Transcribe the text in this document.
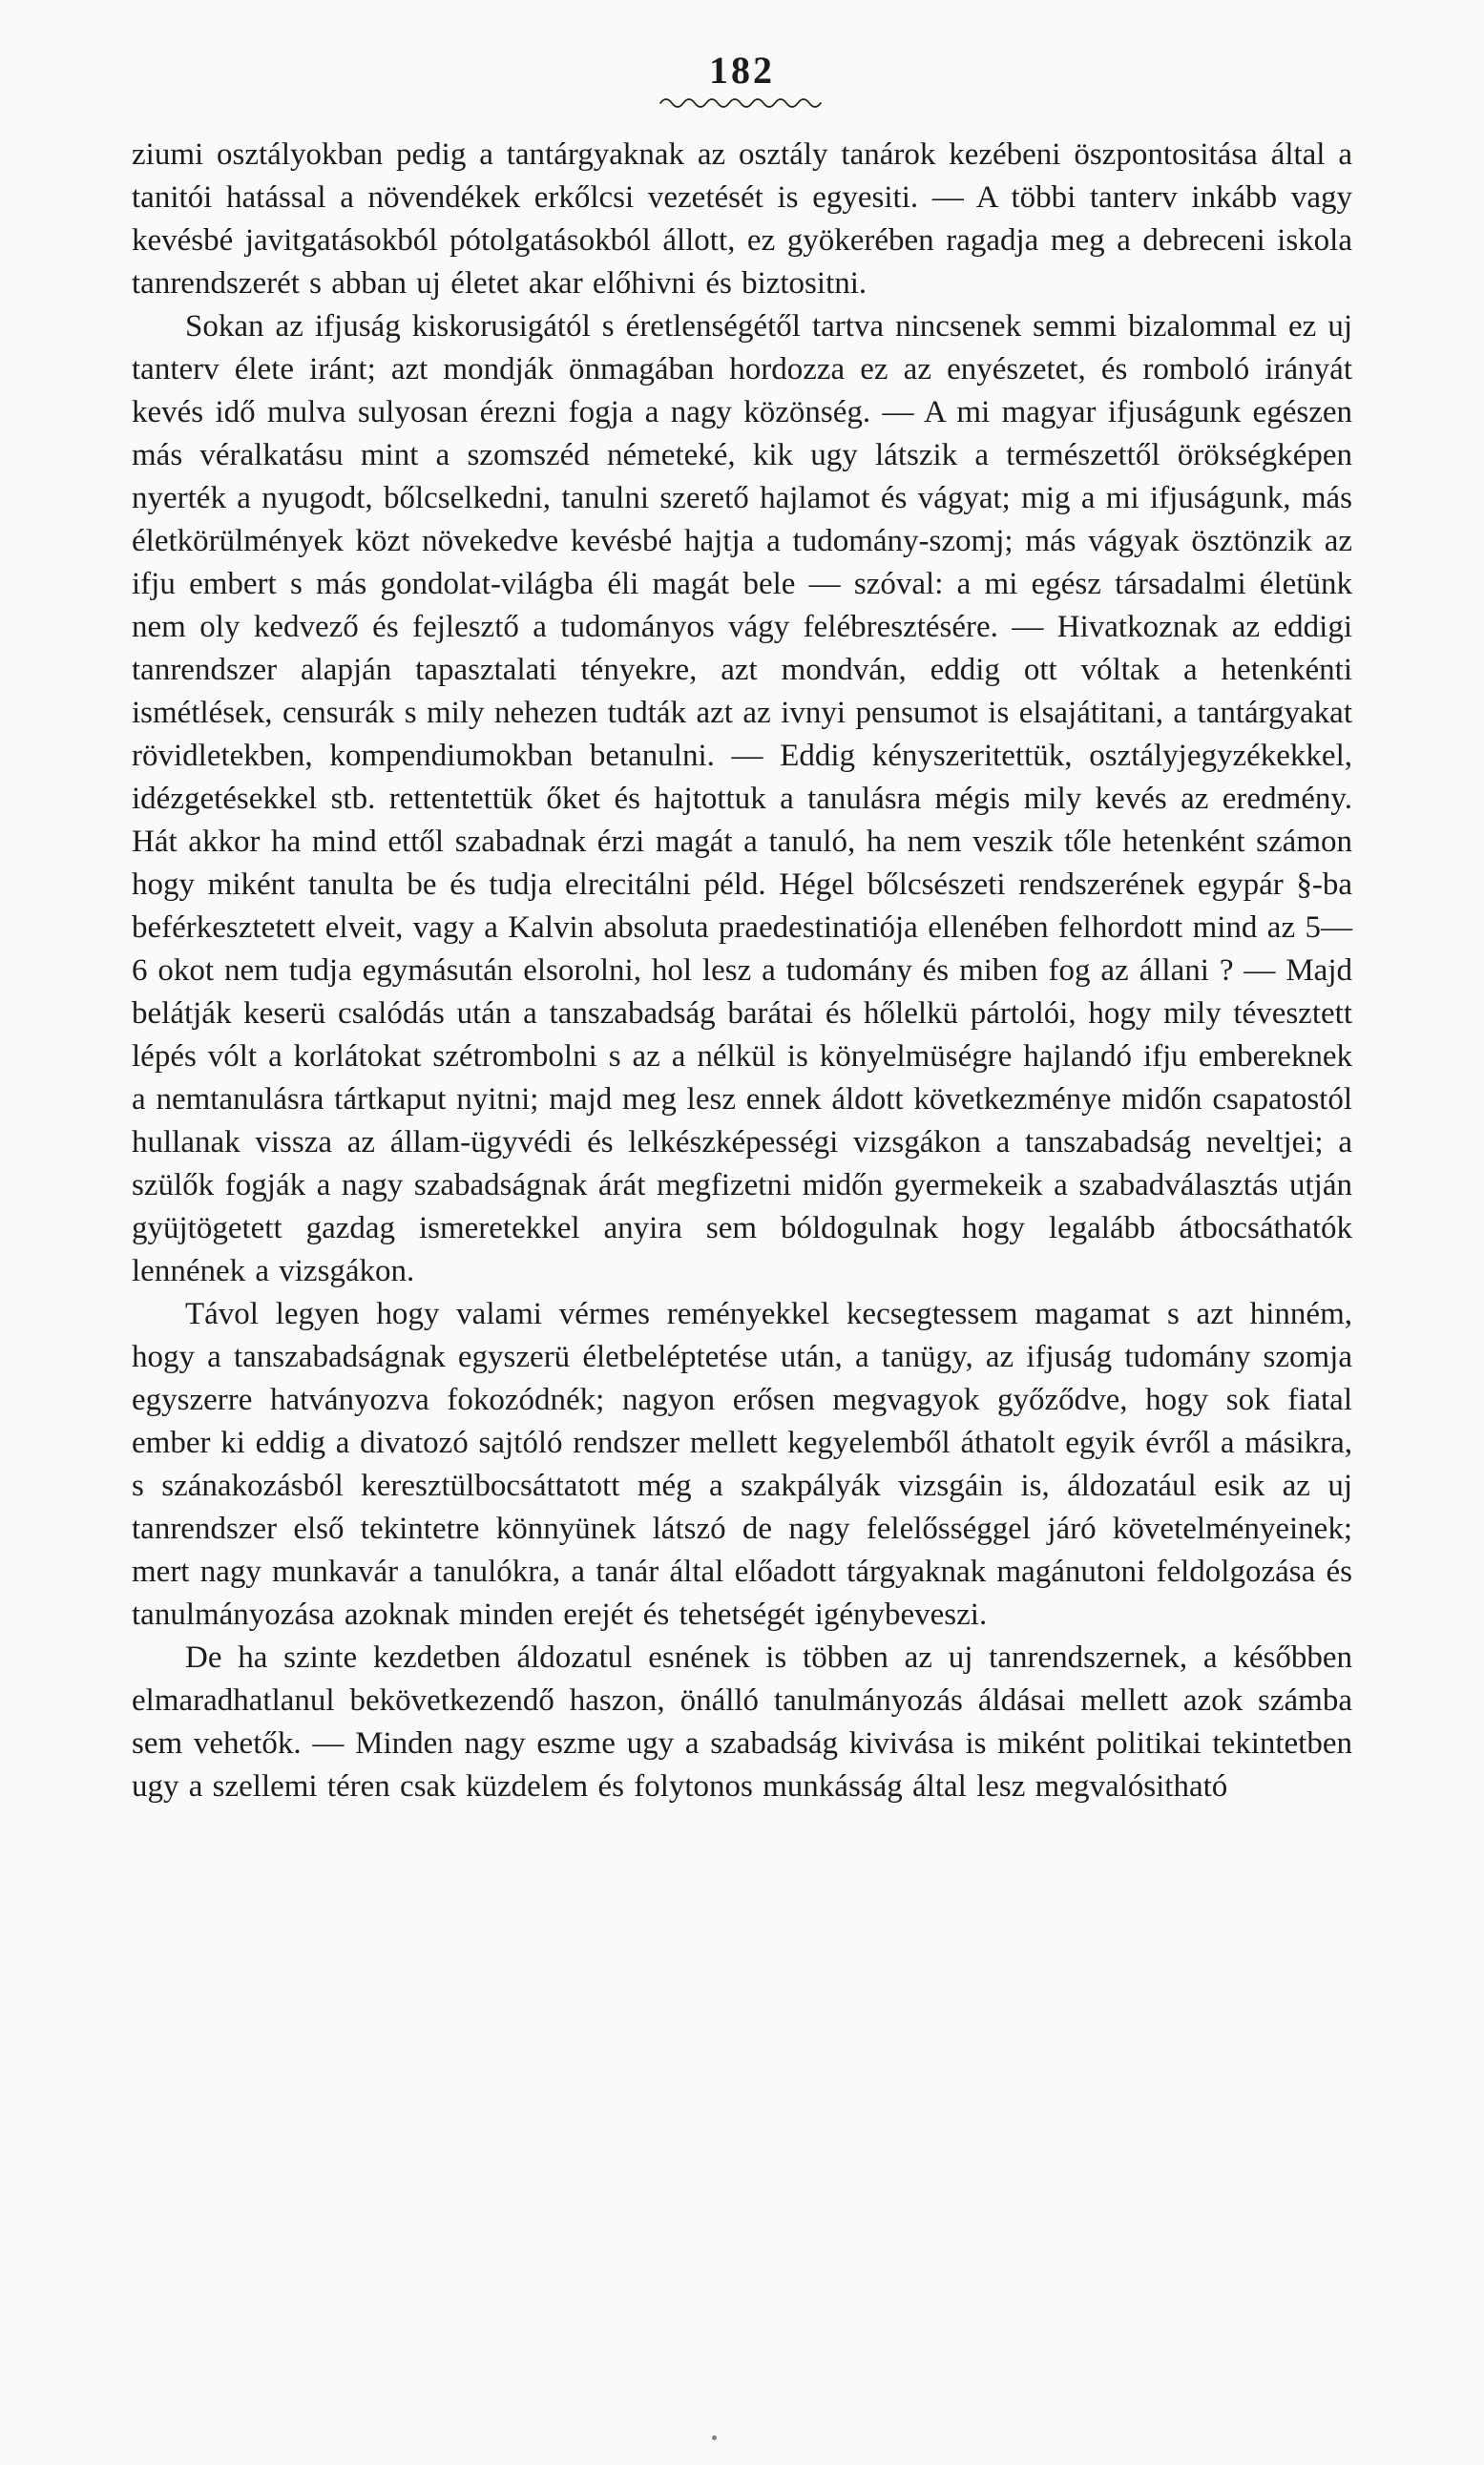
182

ziumi osztályokban pedig a tantárgyaknak az osztály tanárok kezébeni öszpontositása által a tanitói hatással a növendékek erkőlcsi vezetését is egyesiti. — A többi tanterv inkább vagy kevésbé javitgatásokból pótolgatásokból állott, ez gyökerében ragadja meg a debreceni iskola tanrendszerét s abban uj életet akar előhivni és biztositni.

Sokan az ifjuság kiskorusigától s éretlenségétől tartva nincsenek semmi bizalommal ez uj tanterv élete iránt; azt mondják önmagában hordozza ez az enyészetet, és romboló irányát kevés idő mulva sulyosan érezni fogja a nagy közönség. — A mi magyar ifjuságunk egészen más véralkatásu mint a szomszéd németeké, kik ugy látszik a természettől örökségképen nyerték a nyugodt, bőlcselkedni, tanulni szerető hajlamot és vágyat; mig a mi ifjuságunk, más életkörülmények közt növekedve kevésbé hajtja a tudomány-szomj; más vágyak ösztönzik az ifju embert s más gondolat-világba éli magát bele — szóval: a mi egész társadalmi életünk nem oly kedvező és fejlesztő a tudományos vágy felébresztésére. — Hivatkoznak az eddigi tanrendszer alapján tapasztalati tényekre, azt mondván, eddig ott vóltak a hetenkénti ismétlések, censurák s mily nehezen tudták azt az ivnyi pensumot is elsajátitani, a tantárgyakat rövidletekben, kompendiumokban betanulni. — Eddig kényszeritettük, osztályjegyzékekkel, idézgetésekkel stb. rettentettük őket és hajtottuk a tanulásra mégis mily kevés az eredmény. Hát akkor ha mind ettől szabadnak érzi magát a tanuló, ha nem veszik tőle hetenként számon hogy miként tanulta be és tudja elrecitálni péld. Hégel bőlcsészeti rendszerének egypár §-ba beférkesztetett elveit, vagy a Kalvin absoluta praedestinatiója ellenében felhordott mind az 5—6 okot nem tudja egymásután elsorolni, hol lesz a tudomány és miben fog az állani ? — Majd belátják keserü csalódás után a tanszabadság barátai és hőlelkü pártolói, hogy mily tévesztett lépés vólt a korlátokat szétrombolni s az a nélkül is könyelmüségre hajlandó ifju embereknek a nemtanulásra tártkaput nyitni; majd meg lesz ennek áldott következménye midőn csapatostól hullanak vissza az állam-ügyvédi és lelkészképességi vizsgákon a tanszabadság neveltjei; a szülők fogják a nagy szabadságnak árát megfizetni midőn gyermekeik a szabadválasztás utján gyüjtögetett gazdag ismeretekkel anyira sem bóldogulnak hogy legalább átbocsáthatók lennének a vizsgákon.

Távol legyen hogy valami vérmes reményekkel kecsegtessem magamat s azt hinném, hogy a tanszabadságnak egyszerü életbeléptetése után, a tanügy, az ifjuság tudomány szomja egyszerre hatványozva fokozódnék; nagyon erősen megvagyok győződve, hogy sok fiatal ember ki eddig a divatozó sajtóló rendszer mellett kegyelemből áthatolt egyik évről a másikra, s szánakozásból keresztülbocsáttatott még a szakpályák vizsgáin is, áldozatául esik az uj tanrendszer első tekintetre könnyünek látszó de nagy felelősséggel járó követelményeinek; mert nagy munkavár a tanulókra, a tanár által előadott tárgyaknak magánutoni feldolgozása és tanulmányozása azoknak minden erejét és tehetségét igénybeveszi.

De ha szinte kezdetben áldozatul esnének is többen az uj tanrendszernek, a későbben elmaradhatlanul bekövetkezendő haszon, önálló tanulmányozás áldásai mellett azok számba sem vehetők. — Minden nagy eszme ugy a szabadság kivivása is miként politikai tekintetben ugy a szellemi téren csak küzdelem és folytonos munkásság által lesz megvalósitható
